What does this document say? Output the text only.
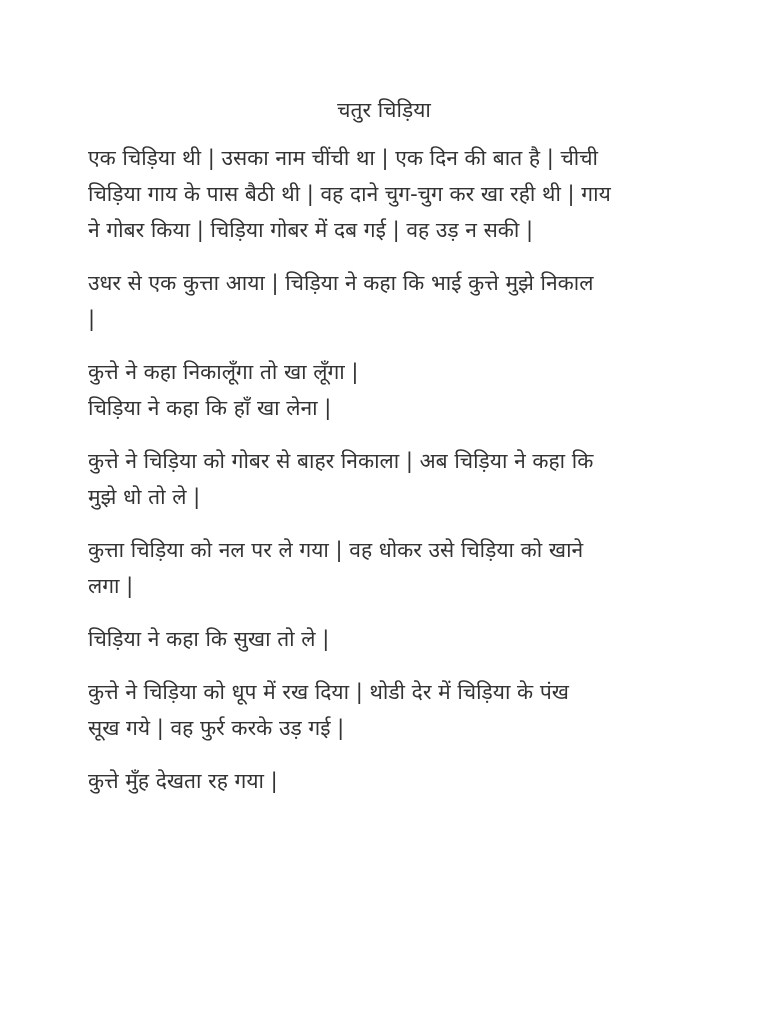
चतुर चिड़िया

एक चिड़िया थी | उसका नाम चींची था | एक दिन की बात है | चीची
चिड़िया गाय के पास बैठी थी | वह दाने चुग-चुग कर खा रही थी | गाय
ने गोबर किया | चिड़िया गोबर में दब गई | वह उड़ न सकी |

उधर से एक कुत्ता आया | चिड़िया ने कहा कि भाई कुत्ते मुझे निकाल
|

कुत्ते ने कहा निकालूँगा तो खा लूँगा |
चिड़िया ने कहा कि हाँ खा लेना |

कुत्ते ने चिड़िया को गोबर से बाहर निकाला | अब चिड़िया ने कहा कि
मुझे धो तो ले |

कुत्ता चिड़िया को नल पर ले गया | वह धोकर उसे चिड़िया को खाने
लगा |

चिड़िया ने कहा कि सुखा तो ले |

कुत्ते ने चिड़िया को धूप में रख दिया | थोडी देर में चिड़िया के पंख
सूख गये | वह फुर्र करके उड़ गई |

कुत्ते मुँह देखता रह गया |
